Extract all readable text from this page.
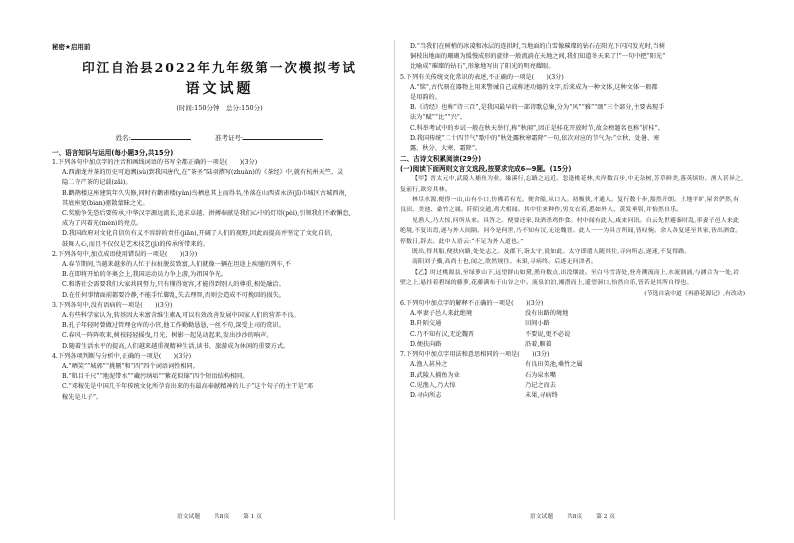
秘密★启用前
印江自治县2022年九年级第一次模拟考试
语文试题
(时间:150分钟　总分:150分)
姓名:	准考证号:
一、语言知识与运用(每小题3分,共15分)
1.下列各句中加点字的注音和画线词语的书写全都正确的一项是(　　)(3分)
A.西湖龙井茶的历史可追溯(sù)到我国唐代,在“茶圣”陆羽撰写(zhuàn)的《茶经》中,就有杭州天竺、灵
隐二寺产茶的记载(zǎi)。
B.鹳鹊楼这座建筑年久失修,同时有鹳雀楼(yàn)鸟栖息其上而得名,坐落在山西省永济(jǐ)市城区古城西南,
其底座宽(bian)驱散蒙昧之光。
C.奖励争先恐后要传承,中华汉字源远流长,追求卓越、拼搏奉献是我们心中的灯塔(pèi),引领我们不敢懈怠,
成为了闪着光(mèn)的亮点。
D.我国政府对文化自信负有义不容辞的责任(jiān),开阔了人们的视野,因此而提高并坚定了文化自信,
鼓舞人心,而且不仅仅是艺术技艺(jì)的传承所带来的。
2.下列各句中,加点成语使用错误的一项是(　　)(3分)
A.春节期间,当越来越多的人忙于拉扯脱贫致富,人们就像一辆在坦途上疾驰的列车,不
B.在即将开始的冬奥会上,我国运动员力争上游,为祖国争光。
C.和谐社会需要我们大家共同努力,只有懂得宽容,才能得到别人的尊重,相处融洽。
D.在任何事情面前都要冷静,不能手忙脚乱,失去理智,否则会造成不可挽回的损失。
3.下列各句中,没有语病的一项是(　　)(3分)
A.有些科学家认为,转基因大米富含维生素A,可以有效改善发展中国家人们的营养不良。
B.孔子年轻时曾做过管理仓库的小官,他工作勤勤恳恳,一丝不苟,深受上司的赏识。
C.春风一阵阵吹来,树枝轻轻摇曳,月光、树影一起晃动起来,发出沙沙的响声。
D.随着生活水平的提高,人们越来越重视精神生活,读书、旅游成为休闲的重要方式。
4.下列各项判断与分析中,正确的一项是(　　)(3分)
A.“晒笑”“城郭”“挑剔”和“四”四个词语词性相同。
B.“肌目千尺”“地泥带水”“藏污纳垢”“紫花似锦”四个短语结构相同。
C.“邓稼先是中国几千年传统文化所孕育出来的有最高奉献精神的儿子”这个句子的主干是“邓
稼先是儿子”。
语文试题 共8页 第 1 页
D.“当我们在树梢的冰凌和冰层的连拱时,当地面的白雪像璀璨的钻石在阳光下闪闪发光时,当树
铜枝出地面的珊瑚为缓慢成形的旋律一般流淌在天地之间,我们知道冬天来了!”一句中把“阳光”
比喻成“璀璨的钻石”,形象地写出了阳光的明亮耀眼。
5.下列有关传统文化常识的表述,不正确的一项是(　　)(3分)
A.“铭”,古代刻在器物上用来警诫自己或称述功德的文字,后来成为一种文体,这种文体一般都
是用韵的。
B.《诗经》也称“诗三百”,是我国最早的一部诗歌总集,分为“风”“雅”“颂”三个部分,主要表现手
法为“赋”“比”“兴”。
C.科举考试中的乡试一般在秋天举行,称“秋闱”,因正是桂花开放时节,故金榜题名也称“折桂”。
D.我国传统“二十四节气”歌中的“秋处露秋寒霜降”一句,依次对应的节气为:“立秋、处暑、寒
露、秋分、大寒、霜降”。
二、古诗文积累阅读(29分)
(一)阅读下面两则文言文选段,按要求完成6—9题。(15分)
【甲】晋太元中,武陵人捕鱼为业。缘溪行,忘路之远近。忽逢桃花林,夹岸数百步,中无杂树,芳草鲜美,落英缤纷。渔人甚异之,复前行,欲穷其林。
林尽水源,便得一山,山有小口,仿佛若有光。便舍船,从口入。初极狭,才通人。复行数十步,豁然开朗。土地平旷,屋舍俨然,有良田、美池、桑竹之属。阡陌交通,鸡犬相闻。其中往来种作,男女衣着,悉如外人。黄发垂髫,并怡然自乐。
见渔人,乃大惊,问所从来。具答之。便要还家,设酒杀鸡作食。村中闻有此人,咸来问讯。自云先世避秦时乱,率妻子邑人来此绝境,不复出焉,遂与外人间隔。问今是何世,乃不知有汉,无论魏晋。此人一一为具言所闻,皆叹惋。余人各复延至其家,皆出酒食。停数日,辞去。此中人语云:“不足为外人道也。”
既出,得其船,便扶向路,处处志之。及郡下,诣太守,说如此。太守即遣人随其往,寻向所志,遂迷,不复得路。
南阳刘子骥,高尚士也,闻之,欣然规往。未果,寻病终。后遂无问津者。
【乙】时过桃源县,至绿萝山下,远望群山如黛,渔舟数点,出没烟波。至白马雪涛处,登舟溯流而上,水流汹涌,与涵合为一处,岩壁之上,悬挂着碧绿的藤萝,花藤满布于山谷之中。流泉泊泊,湘潜而上,遥望洞口,怡然自乐,皆若是其所自得也。
(节选自袁中道《再游花源记》,有改动)
6.下列句中加点字的解释不正确的一项是(　　)(3分)
A.率妻子邑人来此绝境	没有出路的境地
B.阡陌交通	田间小路
C.乃不知有汉,无论魏晋	不要说,更不必说
D.便扶向路	沿着,顺着
7.下列句中加点字用法和意思相同的一项是(　　)(3分)
A.渔人甚异之	有良田美池,桑竹之属
B.武陵人捕鱼为业	石为泉水嘴
C.见渔人,乃大惊	乃记之而去
D.寻向所志	未果,寻病终
语文试题 共8页 第 2 页
